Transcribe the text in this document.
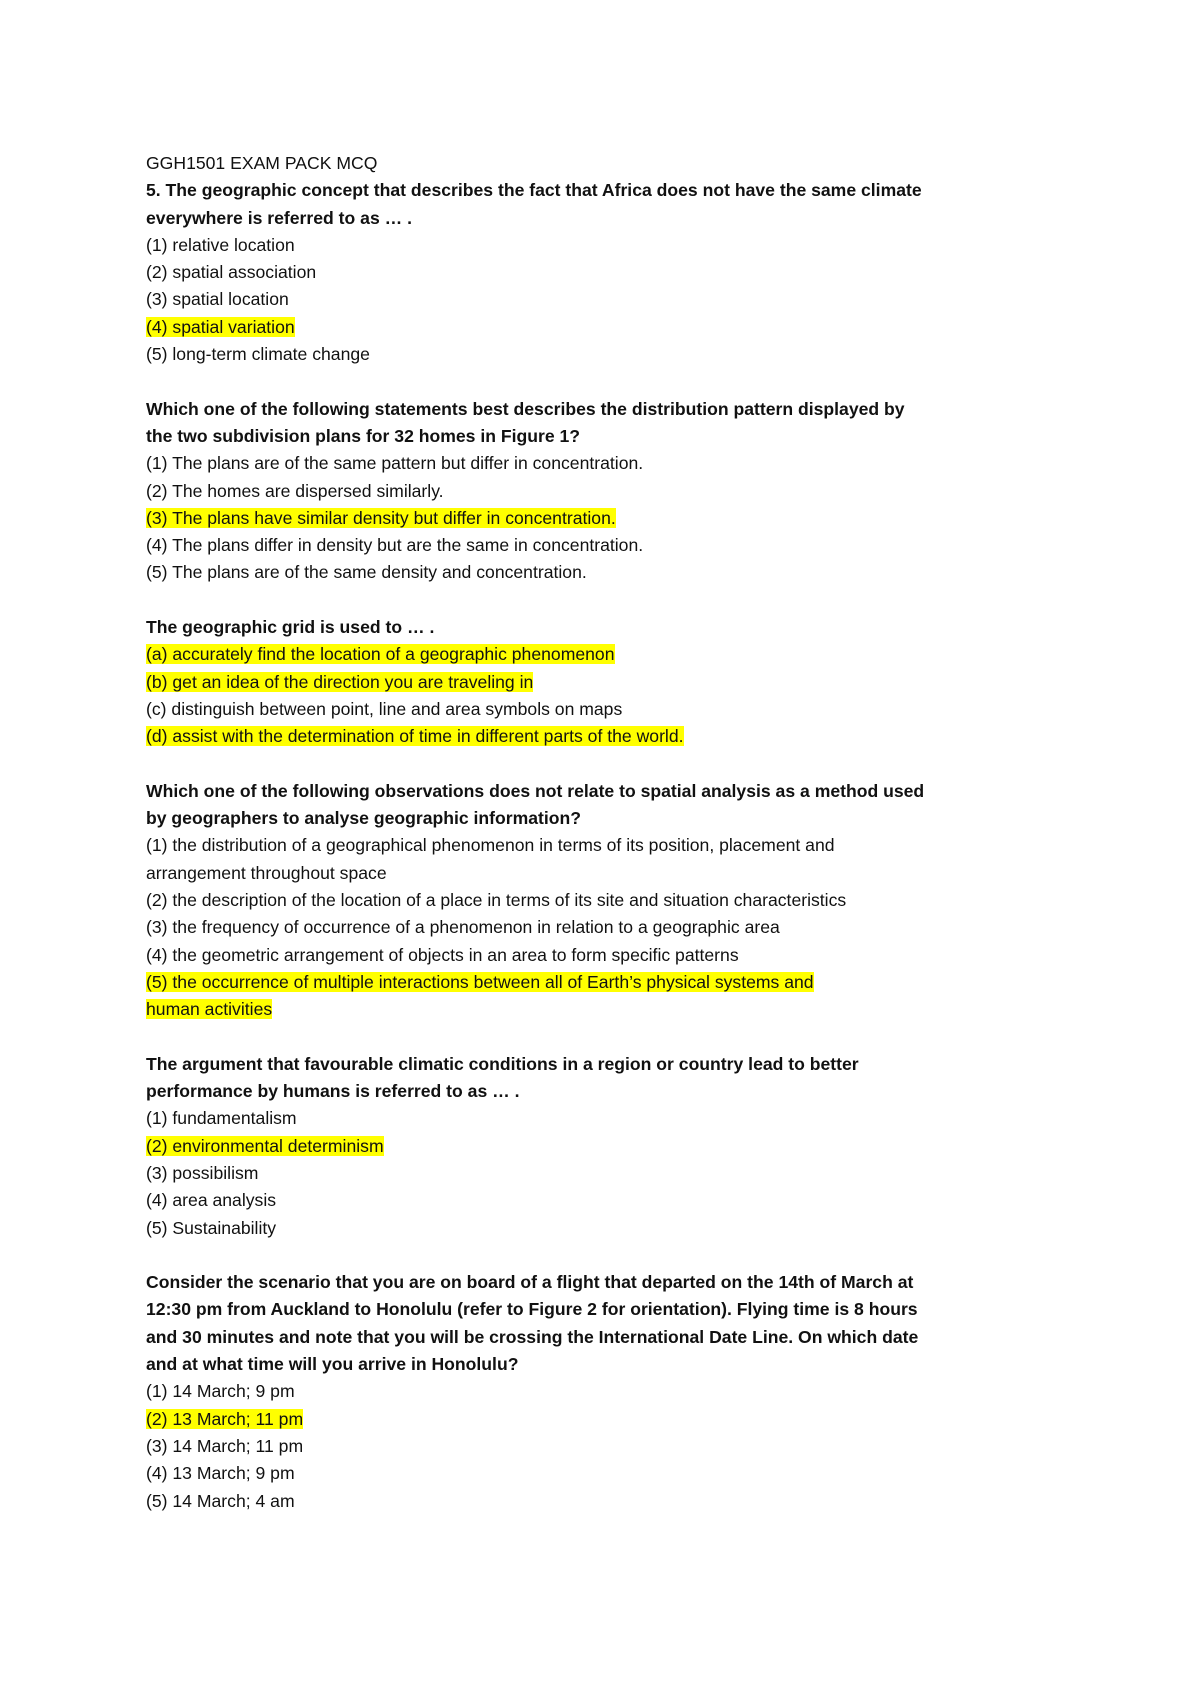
GGH1501 EXAM PACK MCQ
5. The geographic concept that describes the fact that Africa does not have the same climate
everywhere is referred to as … .
(1) relative location
(2) spatial association
(3) spatial location
(4) spatial variation
(5) long-term climate change
Which one of the following statements best describes the distribution pattern displayed by
the two subdivision plans for 32 homes in Figure 1?
(1) The plans are of the same pattern but differ in concentration.
(2) The homes are dispersed similarly.
(3) The plans have similar density but differ in concentration.
(4) The plans differ in density but are the same in concentration.
(5) The plans are of the same density and concentration.
The geographic grid is used to … .
(a) accurately find the location of a geographic phenomenon
(b) get an idea of the direction you are traveling in
(c) distinguish between point, line and area symbols on maps
(d) assist with the determination of time in different parts of the world.
Which one of the following observations does not relate to spatial analysis as a method used
by geographers to analyse geographic information?
(1) the distribution of a geographical phenomenon in terms of its position, placement and
arrangement throughout space
(2) the description of the location of a place in terms of its site and situation characteristics
(3) the frequency of occurrence of a phenomenon in relation to a geographic area
(4) the geometric arrangement of objects in an area to form specific patterns
(5) the occurrence of multiple interactions between all of Earth’s physical systems and
human activities
The argument that favourable climatic conditions in a region or country lead to better
performance by humans is referred to as … .
(1) fundamentalism
(2) environmental determinism
(3) possibilism
(4) area analysis
(5) Sustainability
Consider the scenario that you are on board of a flight that departed on the 14th of March at
12:30 pm from Auckland to Honolulu (refer to Figure 2 for orientation). Flying time is 8 hours
and 30 minutes and note that you will be crossing the International Date Line. On which date
and at what time will you arrive in Honolulu?
(1) 14 March; 9 pm
(2) 13 March; 11 pm
(3) 14 March; 11 pm
(4) 13 March; 9 pm
(5) 14 March; 4 am
